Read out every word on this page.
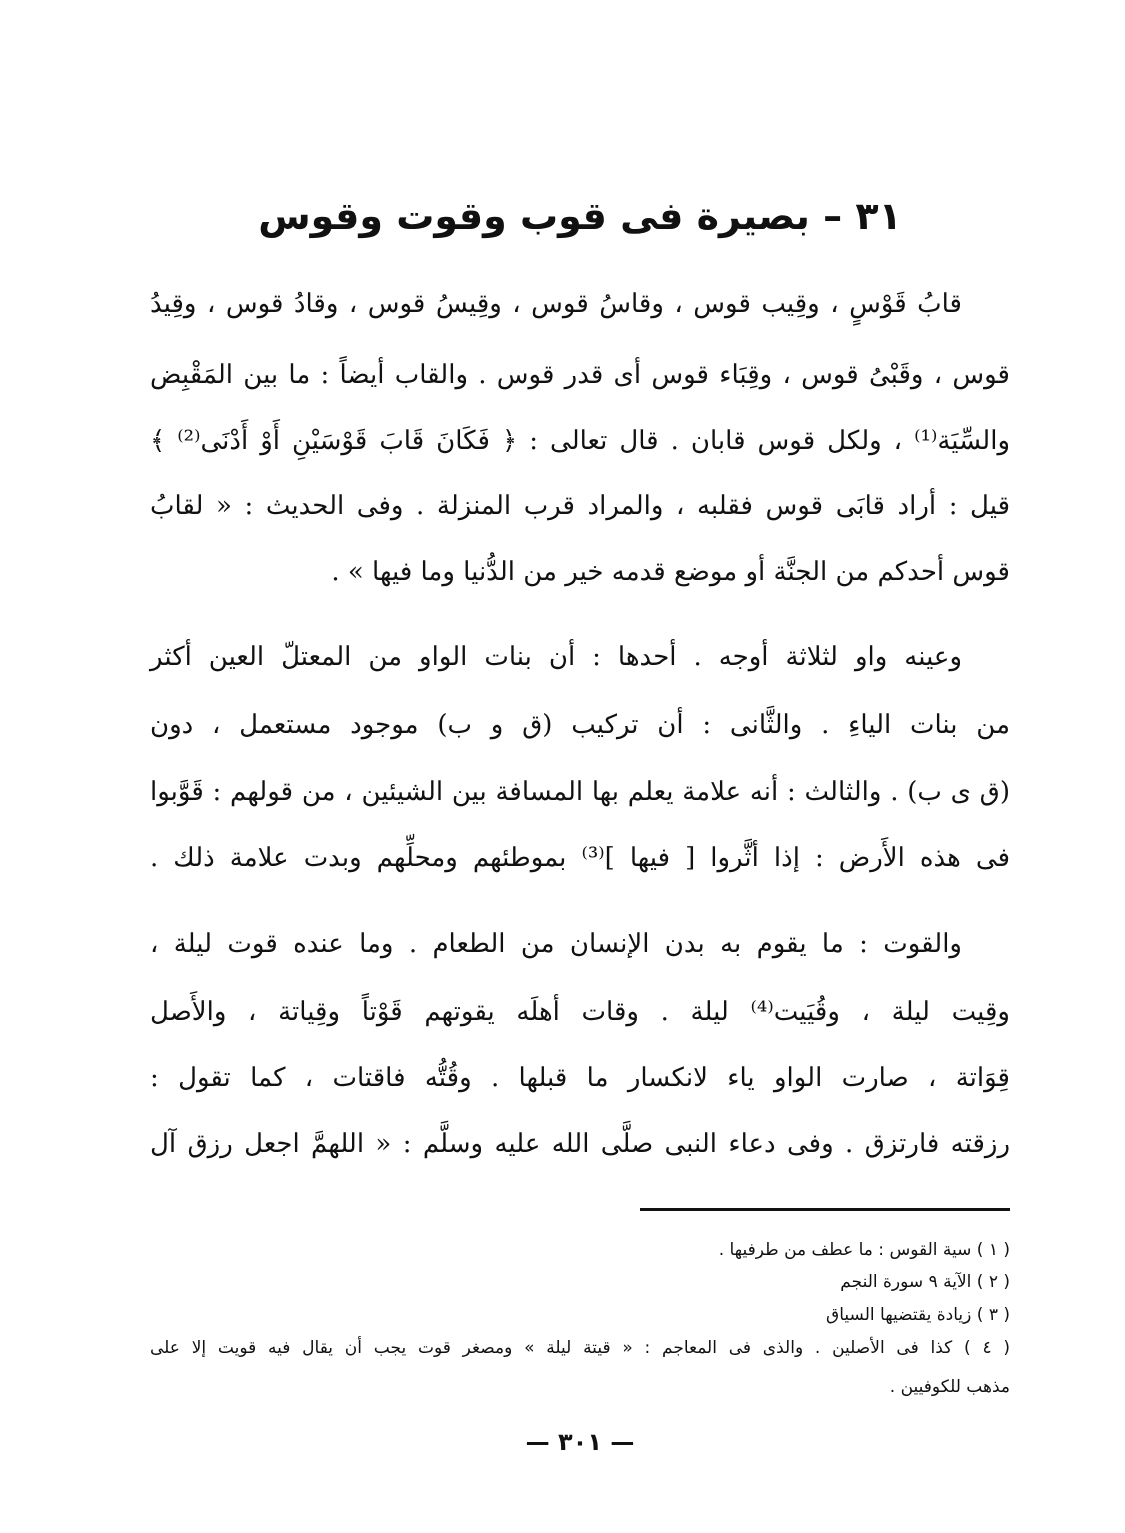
٣١ – بصيرة فى قوب وقوت وقوس
قابُ قَوْسٍ ، وقِيب قوس ، وقاسُ قوس ، وقِيسُ قوس ، وقادُ قوس ، وقِيدُ
قوس ، وقَبْىُ قوس ، وقِبَاء قوس أى قدر قوس . والقاب أيضاً : ما بين المَقْبِض
والسِّيَة⁽¹⁾ ، ولكل قوس قابان . قال تعالى : ﴿ فَكَانَ قَابَ قَوْسَيْنِ أَوْ أَدْنَى⁽²⁾ ﴾
قيل : أراد قابَى قوس فقلبه ، والمراد قرب المنزلة . وفى الحديث : « لقابُ
قوس أحدكم من الجنَّة أو موضع قدمه خير من الدُّنيا وما فيها » .
وعينه واو لثلاثة أوجه . أحدها : أن بنات الواو من المعتلّ العين أكثر
من بنات الياءِ . والثَّانى : أن تركيب (ق و ب) موجود مستعمل ، دون
(ق ى ب) . والثالث : أنه علامة يعلم بها المسافة بين الشيئين ، من قولهم : قَوَّبوا
فى هذه الأَرض : إذا أثَّروا [ فيها ]⁽³⁾ بموطئهم ومحلِّهم وبدت علامة ذلك .
والقوت : ما يقوم به بدن الإنسان من الطعام . وما عنده قوت ليلة ،
وقِيت ليلة ، وقُيَيت⁽⁴⁾ ليلة . وقات أهلَه يقوتهم قَوْتاً وقِياتة ، والأَصل
قِوَاتة ، صارت الواو ياء لانكسار ما قبلها . وقُتُّه فاقتات ، كما تقول :
رزقته فارتزق . وفى دعاء النبى صلَّى الله عليه وسلَّم : « اللهمَّ اجعل رزق آل
( ١ ) سية القوس : ما عطف من طرفيها .
( ٢ ) الآية ٩ سورة النجم
( ٣ ) زيادة يقتضيها السياق
( ٤ ) كذا فى الأصلين . والذى فى المعاجم : « قيتة ليلة » ومصغر قوت يجب أن يقال فيه قويت إلا على
مذهب للكوفيين .
— ٣٠١ —
